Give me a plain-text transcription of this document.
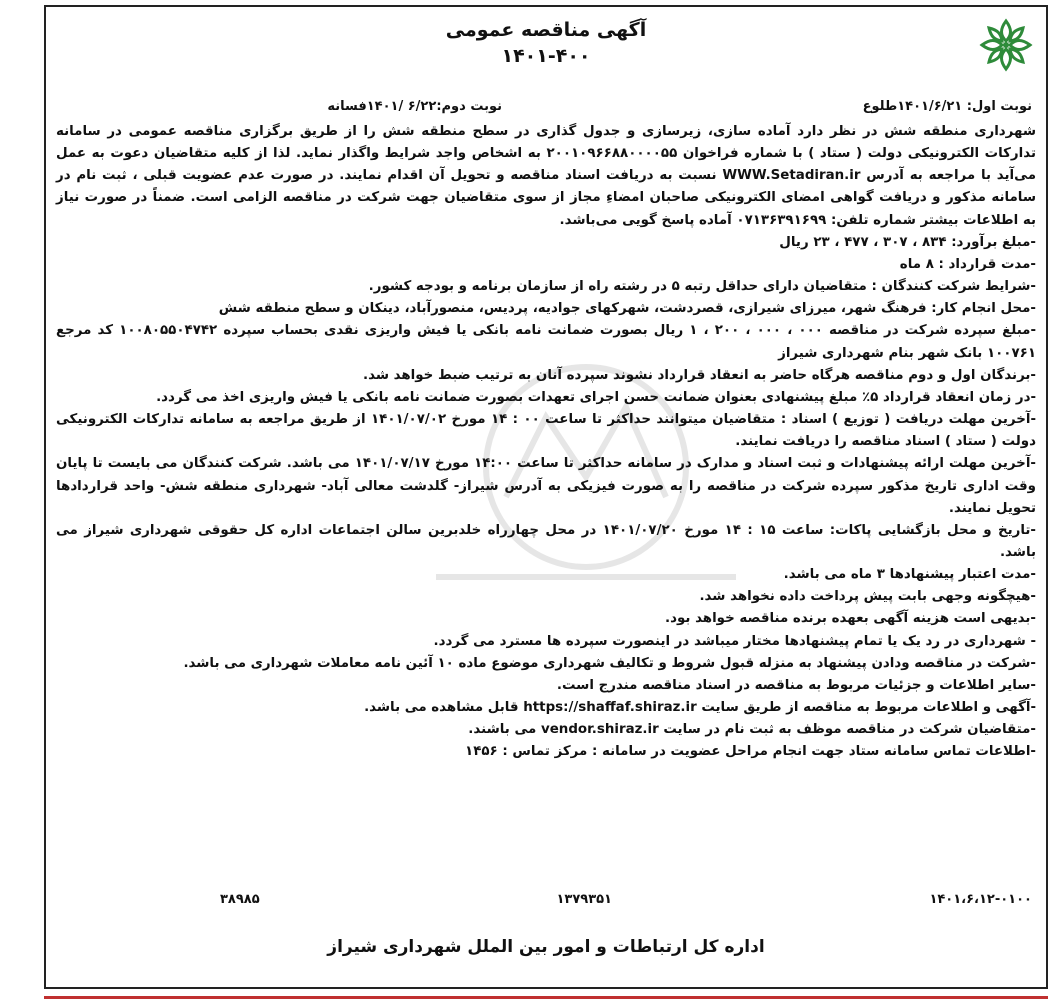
آگهی مناقصه عمومی
۱۴۰۱-۴۰۰
نوبت اول: ۱۴۰۱/۶/۲۱طلوع
نوبت دوم:۶/۲۲ /۱۴۰۱فسانه

شهرداری منطقه شش در نظر دارد آماده سازی، زیرسازی و جدول گذاری در سطح منطقه شش را از طریق برگزاری مناقصه عمومی در سامانه تدارکات الکترونیکی دولت ( ستاد ) با شماره فراخوان ۲۰۰۱۰۹۶۶۸۸۰۰۰۰۵۵ به اشخاص واجد شرایط واگذار نماید. لذا از کلیه متقاضیان دعوت به عمل می‌آید با مراجعه به آدرس WWW.Setadiran.ir نسبت به دریافت اسناد مناقصه و تحویل آن اقدام نمایند. در صورت عدم عضویت قبلی ، ثبت نام در سامانه مذکور و دریافت گواهی امضای الکترونیکی صاحبان امضاءِ مجاز از سوی متقاضیان جهت شرکت در مناقصه الزامی است. ضمناً در صورت نیاز به اطلاعات بیشتر شماره تلفن: ۰۷۱۳۶۳۹۱۶۹۹ آماده پاسخ گویی می‌باشد.

-مبلغ برآورد: ۸۳۴ ، ۳۰۷ ، ۴۷۷ ، ۲۳ ریال

-مدت قرارداد : ۸ ماه

-شرایط شرکت کنندگان : متقاضیان دارای حداقل رتبه ۵ در رشته راه از سازمان برنامه و بودجه کشور.

-محل انجام کار: فرهنگ شهر، میرزای شیرازی، قصردشت، شهرکهای جوادیه، پردیس، منصورآباد، دینکان و سطح منطقه شش

-مبلغ سپرده شرکت در مناقصه ۰۰۰ ، ۰۰۰ ، ۲۰۰ ، ۱ ریال بصورت ضمانت نامه بانکی یا فیش واریزی نقدی بحساب سپرده ۱۰۰۸۰۵۵۰۴۷۴۲ کد مرجع ۱۰۰۷۶۱ بانک شهر بنام شهرداری شیراز

-برندگان اول و دوم مناقصه هرگاه حاضر به انعقاد قرارداد نشوند سپرده آنان به ترتیب ضبط خواهد شد.

-در زمان انعقاد قرارداد ۵٪ مبلغ پیشنهادی بعنوان ضمانت حسن اجرای تعهدات بصورت ضمانت نامه بانکی یا فیش واریزی اخذ می گردد.

-آخرین مهلت دریافت ( توزیع ) اسناد : متقاضیان میتوانند حداکثر تا ساعت ۰۰ : ۱۴ مورخ ۱۴۰۱/۰۷/۰۲ از طریق مراجعه به سامانه تدارکات الکترونیکی دولت ( ستاد ) اسناد مناقصه را دریافت نمایند.

-آخرین مهلت ارائه پیشنهادات و ثبت اسناد و مدارک در سامانه حداکثر تا ساعت ۱۴:۰۰ مورخ ۱۴۰۱/۰۷/۱۷ می باشد. شرکت کنندگان می بایست تا پایان وقت اداری تاریخ مذکور سپرده شرکت در مناقصه را به صورت فیزیکی به آدرس شیراز- گلدشت معالی آباد- شهرداری منطقه شش- واحد قراردادها تحویل نمایند.

-تاریخ و محل بازگشایی پاکات: ساعت ۱۵ : ۱۴ مورخ ۱۴۰۱/۰۷/۲۰ در محل چهارراه خلدبرین سالن اجتماعات اداره کل حقوقی شهرداری شیراز می باشد.

-مدت اعتبار پیشنهادها ۳ ماه می باشد.

-هیچگونه وجهی بابت پیش پرداخت داده نخواهد شد.

-بدیهی است هزینه آگهی بعهده برنده مناقصه خواهد بود.

- شهرداری در رد یک یا تمام پیشنهادها مختار میباشد در اینصورت سپرده ها مسترد می گردد.

-شرکت در مناقصه ودادن پیشنهاد به منزله قبول شروط و تکالیف شهرداری موضوع ماده ۱۰ آئین نامه معاملات شهرداری می باشد.

-سایر اطلاعات و جزئیات مربوط به مناقصه در اسناد مناقصه مندرج است.

-آگهی و اطلاعات مربوط به مناقصه از طریق سایت https://shaffaf.shiraz.ir قابل مشاهده می باشد.

-متقاضیان شرکت در مناقصه موظف به ثبت نام در سایت vendor.shiraz.ir می باشند.

-اطلاعات تماس سامانه ستاد جهت انجام مراحل عضویت در سامانه : مرکز تماس : ۱۴۵۶

۱۴۰۱،۶،۱۲-۰۱۰۰
۱۳۷۹۳۵۱
۳۸۹۸۵
اداره کل ارتباطات و امور بین الملل شهرداری شیراز
